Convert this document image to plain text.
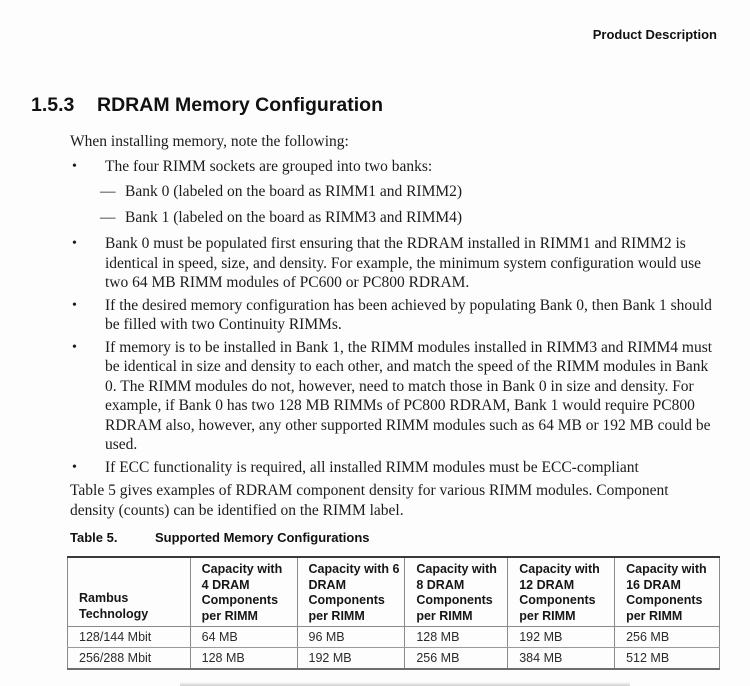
Product Description
1.5.3	RDRAM Memory Configuration

When installing memory, note the following:

•	The four RIMM sockets are grouped into two banks:
— Bank 0 (labeled on the board as RIMM1 and RIMM2)
— Bank 1 (labeled on the board as RIMM3 and RIMM4)
•	Bank 0 must be populated first ensuring that the RDRAM installed in RIMM1 and RIMM2 is identical in speed, size, and density. For example, the minimum system configuration would use two 64 MB RIMM modules of PC600 or PC800 RDRAM.
•	If the desired memory configuration has been achieved by populating Bank 0, then Bank 1 should be filled with two Continuity RIMMs.
•	If memory is to be installed in Bank 1, the RIMM modules installed in RIMM3 and RIMM4 must be identical in size and density to each other, and match the speed of the RIMM modules in Bank 0. The RIMM modules do not, however, need to match those in Bank 0 in size and density. For example, if Bank 0 has two 128 MB RIMMs of PC800 RDRAM, Bank 1 would require PC800 RDRAM also, however, any other supported RIMM modules such as 64 MB or 192 MB could be used.
•	If ECC functionality is required, all installed RIMM modules must be ECC-compliant

Table 5 gives examples of RDRAM component density for various RIMM modules. Component density (counts) can be identified on the RIMM label.

Table 5.	Supported Memory Configurations
Rambus Technology	Capacity with 4 DRAM Components per RIMM	Capacity with 6 DRAM Components per RIMM	Capacity with 8 DRAM Components per RIMM	Capacity with 12 DRAM Components per RIMM	Capacity with 16 DRAM Components per RIMM
128/144 Mbit	64 MB	96 MB	128 MB	192 MB	256 MB
256/288 Mbit	128 MB	192 MB	256 MB	384 MB	512 MB
